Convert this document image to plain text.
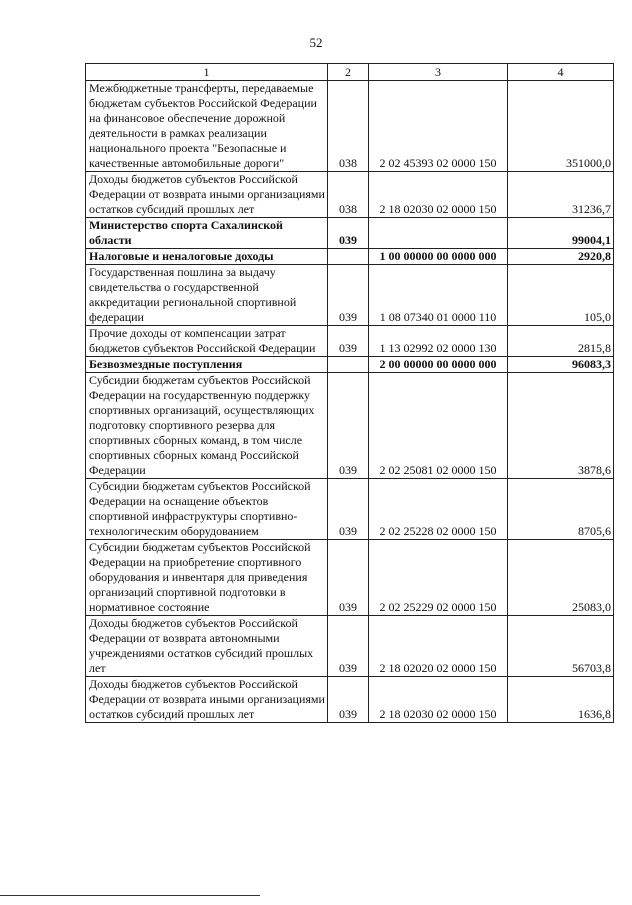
52
1	2	3	4
Межбюджетные трансферты, передаваемые бюджетам субъектов Российской Федерации на финансовое обеспечение дорожной деятельности в рамках реализации национального проекта "Безопасные и качественные автомобильные дороги"	038	2 02 45393 02 0000 150	351000,0
Доходы бюджетов субъектов Российской Федерации от возврата иными организациями остатков субсидий прошлых лет	038	2 18 02030 02 0000 150	31236,7
Министерство спорта Сахалинской области	039		99004,1
Налоговые и неналоговые доходы		1 00 00000 00 0000 000	2920,8
Государственная пошлина за выдачу свидетельства о государственной аккредитации региональной спортивной федерации	039	1 08 07340 01 0000 110	105,0
Прочие доходы от компенсации затрат бюджетов субъектов Российской Федерации	039	1 13 02992 02 0000 130	2815,8
Безвозмездные поступления		2 00 00000 00 0000 000	96083,3
Субсидии бюджетам субъектов Российской Федерации на государственную поддержку спортивных организаций, осуществляющих подготовку спортивного резерва для спортивных сборных команд, в том числе спортивных сборных команд Российской Федерации	039	2 02 25081 02 0000 150	3878,6
Субсидии бюджетам субъектов Российской Федерации на оснащение объектов спортивной инфраструктуры спортивно-технологическим оборудованием	039	2 02 25228 02 0000 150	8705,6
Субсидии бюджетам субъектов Российской Федерации на приобретение спортивного оборудования и инвентаря для приведения организаций спортивной подготовки в нормативное состояние	039	2 02 25229 02 0000 150	25083,0
Доходы бюджетов субъектов Российской Федерации от возврата автономными учреждениями остатков субсидий прошлых лет	039	2 18 02020 02 0000 150	56703,8
Доходы бюджетов субъектов Российской Федерации от возврата иными организациями остатков субсидий прошлых лет	039	2 18 02030 02 0000 150	1636,8
